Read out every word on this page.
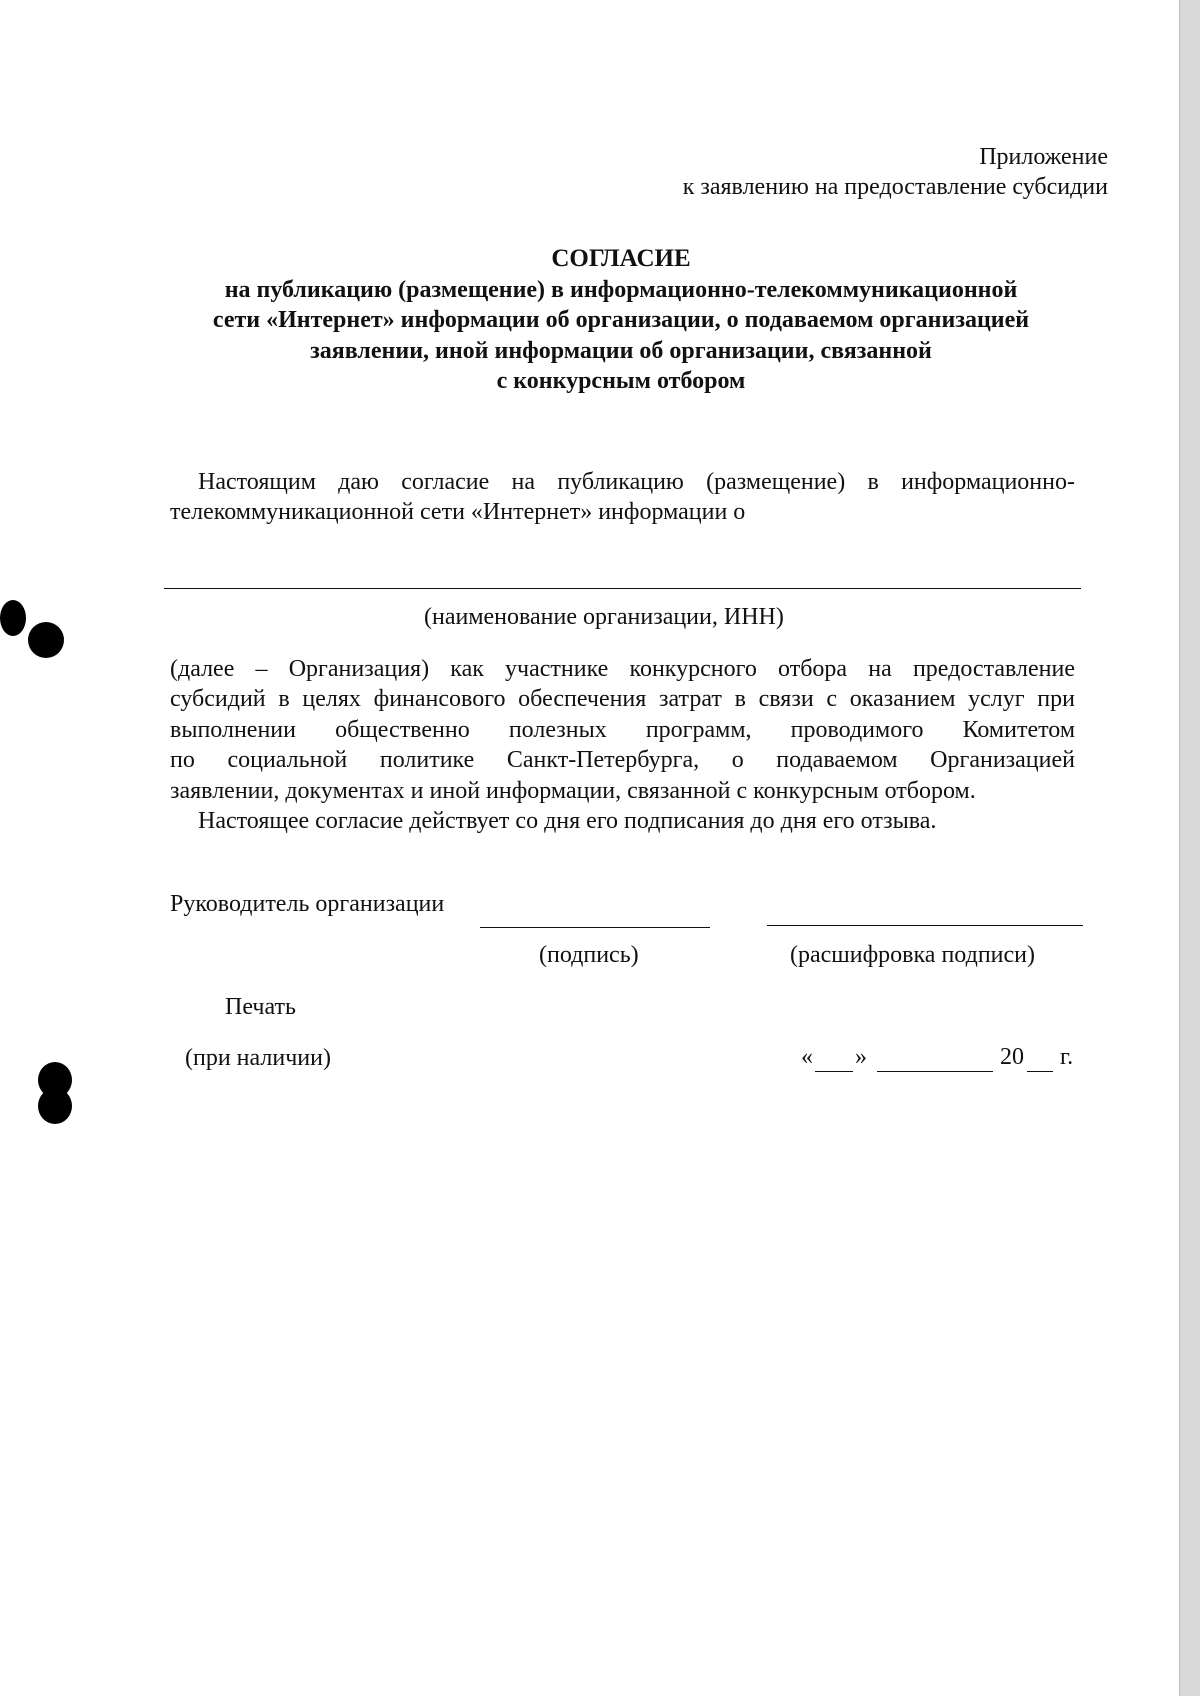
Приложение
к заявлению на предоставление субсидии
СОГЛАСИЕ
на публикацию (размещение) в информационно-телекоммуникационной
сети «Интернет» информации об организации, о подаваемом организацией
заявлении, иной информации об организации, связанной
с конкурсным отбором
Настоящим даю согласие на публикацию (размещение) в информационно-
телекоммуникационной сети «Интернет» информации о
(наименование организации, ИНН)
(далее – Организация) как участнике конкурсного отбора на предоставление
субсидий в целях финансового обеспечения затрат в связи с оказанием услуг при
выполнении общественно полезных программ, проводимого Комитетом
по социальной политике Санкт-Петербурга, о подаваемом Организацией
заявлении, документах и иной информации, связанной с конкурсным отбором.
Настоящее согласие действует со дня его подписания до дня его отзыва.
Руководитель организации
(подпись)	(расшифровка подписи)
Печать
(при наличии)	« »	20 г.
